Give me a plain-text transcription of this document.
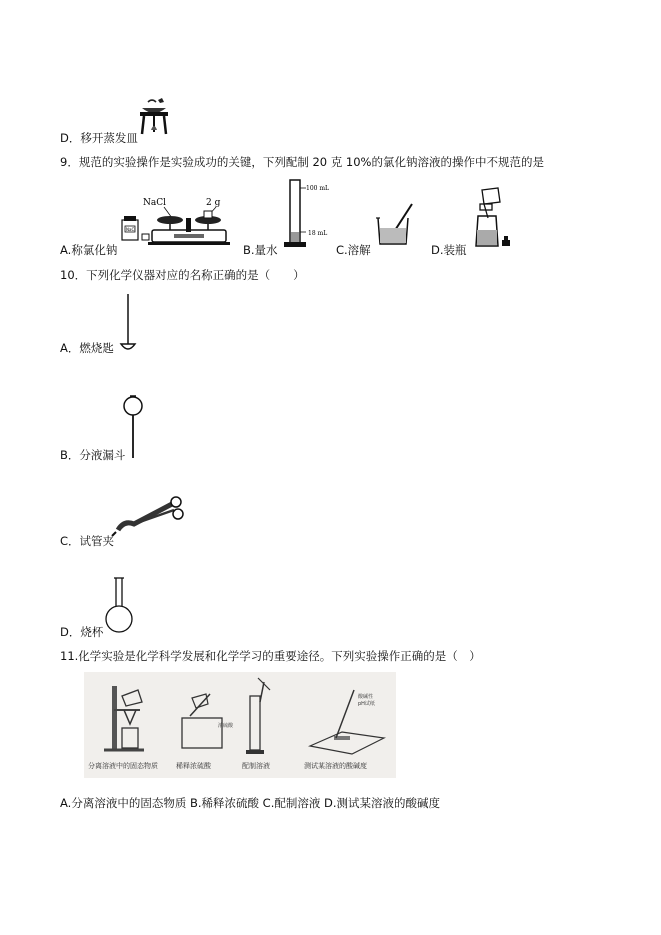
D．移开蒸发皿
9．规范的实验操作是实验成功的关键，下列配制 20 克 10%的氯化钠溶液的操作中不规范的是
NaCl
NaCl	2 g
A.称氯化钠
100 mL
18 mL
B.量水	C.溶解	D.装瓶
10．下列化学仪器对应的名称正确的是（　　）
A．燃烧匙
B．分液漏斗
C．试管夹
D．烧杯
11.化学实验是化学科学发展和化学学习的重要途径。下列实验操作正确的是（　）
浓硫酸
酸碱性
pH试纸
分离溶液中的固态物质	稀释浓硫酸	配制溶液	测试某溶液的酸碱度
A.分离溶液中的固态物质 B.稀释浓硫酸 C.配制溶液 D.测试某溶液的酸碱度
